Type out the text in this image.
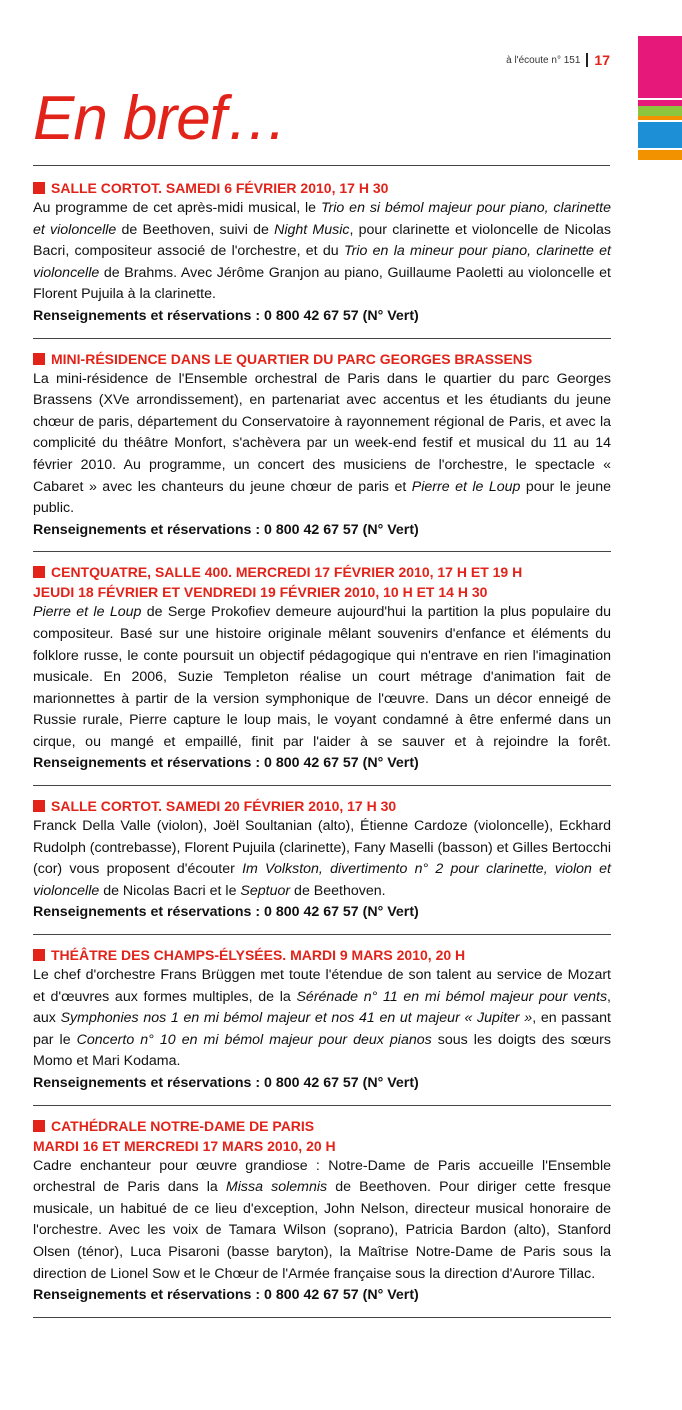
à l'écoute n° 151 17
En bref…
SALLE CORTOT. SAMEDI 6 FÉVRIER 2010, 17 H 30

Au programme de cet après-midi musical, le Trio en si bémol majeur pour piano, clarinette et violoncelle de Beethoven, suivi de Night Music, pour clarinette et violoncelle de Nicolas Bacri, compositeur associé de l'orchestre, et du Trio en la mineur pour piano, clarinette et violoncelle de Brahms. Avec Jérôme Granjon au piano, Guillaume Paoletti au violoncelle et Florent Pujuila à la clarinette.

Renseignements et réservations : 0 800 42 67 57 (N° Vert)
MINI-RÉSIDENCE DANS LE QUARTIER DU PARC GEORGES BRASSENS

La mini-résidence de l'Ensemble orchestral de Paris dans le quartier du parc Georges Brassens (XVe arrondissement), en partenariat avec accentus et les étudiants du jeune chœur de paris, département du Conservatoire à rayonnement régional de Paris, et avec la complicité du théâtre Monfort, s'achèvera par un week-end festif et musical du 11 au 14 février 2010. Au programme, un concert des musiciens de l'orchestre, le spectacle « Cabaret » avec les chanteurs du jeune chœur de paris et Pierre et le Loup pour le jeune public.

Renseignements et réservations : 0 800 42 67 57 (N° Vert)
CENTQUATRE, SALLE 400. MERCREDI 17 FÉVRIER 2010, 17 H ET 19 H
JEUDI 18 FÉVRIER ET VENDREDI 19 FÉVRIER 2010, 10 H ET 14 H 30

Pierre et le Loup de Serge Prokofiev demeure aujourd'hui la partition la plus populaire du compositeur. Basé sur une histoire originale mêlant souvenirs d'enfance et éléments du folklore russe, le conte poursuit un objectif pédagogique qui n'entrave en rien l'imagination musicale. En 2006, Suzie Templeton réalise un court métrage d'animation fait de marionnettes à partir de la version symphonique de l'œuvre. Dans un décor enneigé de Russie rurale, Pierre capture le loup mais, le voyant condamné à être enfermé dans un cirque, ou mangé et empaillé, finit par l'aider à se sauver et à rejoindre la forêt. Renseignements et réservations : 0 800 42 67 57 (N° Vert)

SALLE CORTOT. SAMEDI 20 FÉVRIER 2010, 17 H 30

Franck Della Valle (violon), Joël Soultanian (alto), Étienne Cardoze (violoncelle), Eckhard Rudolph (contrebasse), Florent Pujuila (clarinette), Fany Maselli (basson) et Gilles Bertocchi (cor) vous proposent d'écouter Im Volkston, divertimento n° 2 pour clarinette, violon et violoncelle de Nicolas Bacri et le Septuor de Beethoven.

Renseignements et réservations : 0 800 42 67 57 (N° Vert)
THÉÂTRE DES CHAMPS-ÉLYSÉES. MARDI 9 MARS 2010, 20 H

Le chef d'orchestre Frans Brüggen met toute l'étendue de son talent au service de Mozart et d'œuvres aux formes multiples, de la Sérénade n° 11 en mi bémol majeur pour vents, aux Symphonies nos 1 en mi bémol majeur et nos 41 en ut majeur « Jupiter », en passant par le Concerto n° 10 en mi bémol majeur pour deux pianos sous les doigts des sœurs Momo et Mari Kodama.

Renseignements et réservations : 0 800 42 67 57 (N° Vert)
CATHÉDRALE NOTRE-DAME DE PARIS
MARDI 16 ET MERCREDI 17 MARS 2010, 20 H

Cadre enchanteur pour œuvre grandiose : Notre-Dame de Paris accueille l'Ensemble orchestral de Paris dans la Missa solemnis de Beethoven. Pour diriger cette fresque musicale, un habitué de ce lieu d'exception, John Nelson, directeur musical honoraire de l'orchestre. Avec les voix de Tamara Wilson (soprano), Patricia Bardon (alto), Stanford Olsen (ténor), Luca Pisaroni (basse baryton), la Maîtrise Notre-Dame de Paris sous la direction de Lionel Sow et le Chœur de l'Armée française sous la direction d'Aurore Tillac.

Renseignements et réservations : 0 800 42 67 57 (N° Vert)
